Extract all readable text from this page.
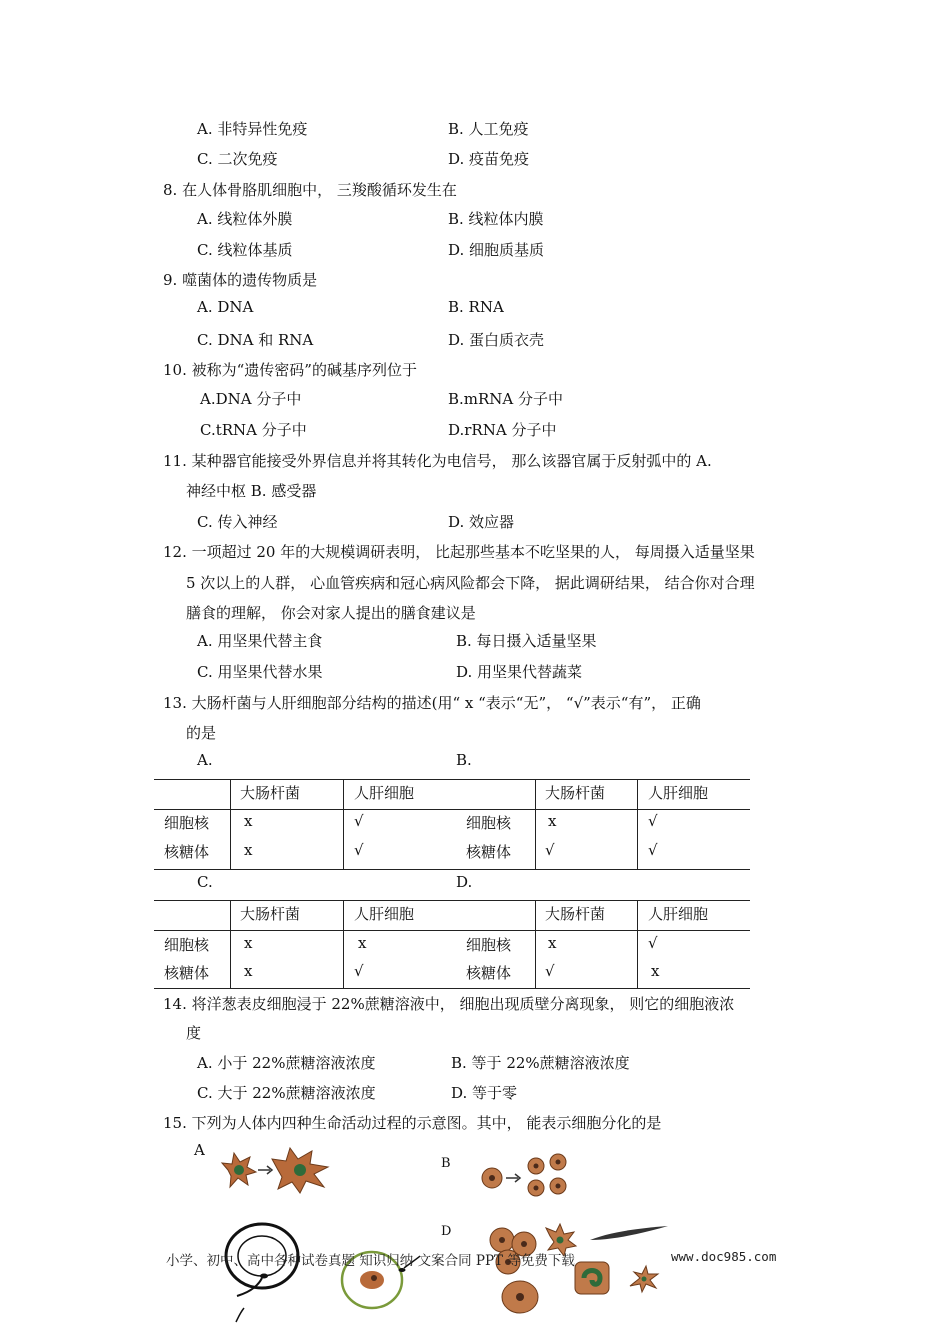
A. 非特异性免疫	B. 人工免疫
C. 二次免疫	D. 疫苗免疫
8. 在人体骨胳肌细胞中， 三羧酸循环发生在
A. 线粒体外膜	B. 线粒体内膜
C. 线粒体基质	D. 细胞质基质
9. 噬菌体的遗传物质是
A. DNA	B. RNA
C. DNA 和 RNA	D. 蛋白质衣壳
10. 被称为“遗传密码”的碱基序列位于
A.DNA 分子中	B.mRNA 分子中
C.tRNA 分子中	D.rRNA 分子中
11. 某种器官能接受外界信息并将其转化为电信号， 那么该器官属于反射弧中的 A.
神经中枢 B. 感受器
C. 传入神经	D. 效应器
12. 一项超过 20 年的大规模调研表明， 比起那些基本不吃坚果的人， 每周摄入适量坚果
5 次以上的人群， 心血管疾病和冠心病风险都会下降， 据此调研结果， 结合你对合理
膳食的理解， 你会对家人提出的膳食建议是
A. 用坚果代替主食	B. 每日摄入适量坚果
C. 用坚果代替水果	D. 用坚果代替蔬菜
13. 大肠杆菌与人肝细胞部分结构的描述(用“ x “表示“无”， “√”表示“有”， 正确
的是
A.	B.
大肠杆菌	人肝细胞	大肠杆菌	人肝细胞
细胞核 x	√	细胞核 x	√
核糖体 x	√	核糖体 √	√
C.	D.
大肠杆菌	人肝细胞	大肠杆菌	人肝细胞
细胞核 x	x	细胞核 x	√
核糖体 x	√	核糖体 √	x
14. 将洋葱表皮细胞浸于 22%蔗糖溶液中， 细胞出现质壁分离现象， 则它的细胞液浓
度
A. 小于 22%蔗糖溶液浓度	B. 等于 22%蔗糖溶液浓度
C. 大于 22%蔗糖溶液浓度	D. 等于零
15. 下列为人体内四种生命活动过程的示意图。其中， 能表示细胞分化的是
A
B
D
小学、初中、高中各种试卷真题 知识归纳 文案合同 PPT 等免费下载	www.doc985.com
